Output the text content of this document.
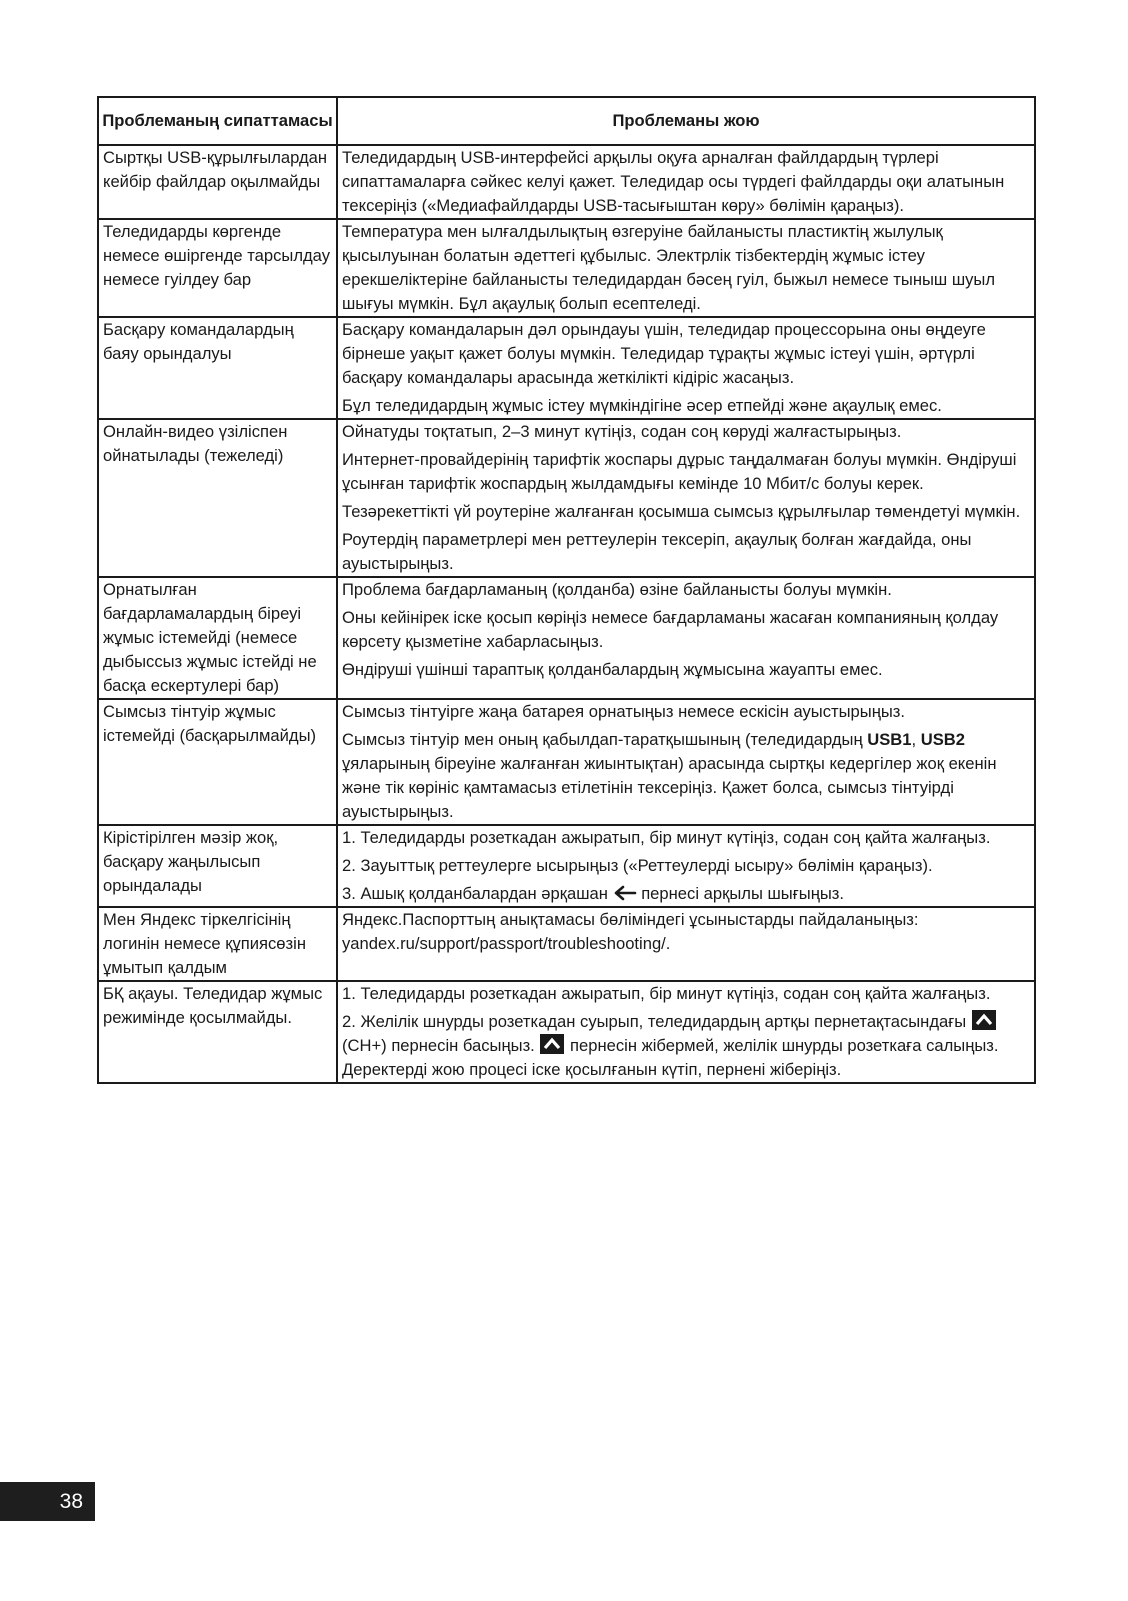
Проблеманың сипаттамасы	Проблеманы жою
Сыртқы USB-құрылғылардан кейбір файлдар оқылмайды	Теледидардың USB-интерфейсі арқылы оқуға арналған файлдардың түрлері сипаттамаларға сәйкес келуі қажет. Теледидар осы түрдегі файлдарды оқи алатынын тексеріңіз («Медиафайлдарды USB-тасығыштан көру» бөлімін қараңыз).

Теледидарды көргенде немесе өшіргенде тарсылдау немесе гуілдеу бар	Температура мен ылғалдылықтың өзгеруіне байланысты пластиктің жылулық қысылуынан болатын әдеттегі құбылыс. Электрлік тізбектердің жұмыс істеу ерекшеліктеріне байланысты теледидардан бәсең гуіл, быжыл немесе тыныш шуыл шығуы мүмкін. Бұл ақаулық болып есептеледі.

Басқару командалардың баяу орындалуы	Басқару командаларын дәл орындауы үшін, теледидар процессорына оны өңдеуге бірнеше уақыт қажет болуы мүмкін. Теледидар тұрақты жұмыс істеуі үшін, әртүрлі басқару командалары арасында жеткілікті кідіріс жасаңыз.

Бұл теледидардың жұмыс істеу мүмкіндігіне әсер етпейді және ақаулық емес.

Онлайн-видео үзіліспен ойнатылады (тежеледі)	Ойнатуды тоқтатып, 2–3 минут күтіңіз, содан соң көруді жалғастырыңыз.

Интернет-провайдерінің тарифтік жоспары дұрыс таңдалмаған болуы мүмкін. Өндіруші ұсынған тарифтік жоспардың жылдамдығы кемінде 10 Мбит/с болуы керек.

Тезәрекеттікті үй роутеріне жалғанған қосымша сымсыз құрылғылар төмендетуі мүмкін.

Роутердің параметрлері мен реттеулерін тексеріп, ақаулық болған жағдайда, оны ауыстырыңыз.

Орнатылған бағдарламалардың біреуі жұмыс істемейді (немесе дыбыссыз жұмыс істейді не басқа ескертулері бар)	Проблема бағдарламаның (қолданба) өзіне байланысты болуы мүмкін.

Оны кейінірек іске қосып көріңіз немесе бағдарламаны жасаған компанияның қолдау көрсету қызметіне хабарласыңыз.

Өндіруші үшінші тараптық қолданбалардың жұмысына жауапты емес.

Сымсыз тінтуір жұмыс істемейді (басқарылмайды)	Сымсыз тінтуірге жаңа батарея орнатыңыз немесе ескісін ауыстырыңыз.

Сымсыз тінтуір мен оның қабылдап-таратқышының (теледидардың USB1, USB2 ұяларының біреуіне жалғанған жиынтықтан) арасында сыртқы кедергілер жоқ екенін және тік көрініс қамтамасыз етілетінін тексеріңіз. Қажет болса, сымсыз тінтуірді ауыстырыңыз.

Кірістірілген мәзір жоқ, басқару жаңылысып орындалады	1. Теледидарды розеткадан ажыратып, бір минут күтіңіз, содан соң қайта жалғаңыз.

2. Зауыттық реттеулерге ысырыңыз («Реттеулерді ысыру» бөлімін қараңыз).

3. Ашық қолданбалардан әрқашан  пернесі арқылы шығыңыз.

Мен Яндекс тіркелгісінің логинін немесе құпиясөзін ұмытып қалдым	Яндекс.Паспорттың анықтамасы бөліміндегі ұсыныстарды пайдаланыңыз: yandex.ru/support/passport/troubleshooting/.

БҚ ақауы. Теледидар жұмыс режимінде қосылмайды.	1. Теледидарды розеткадан ажыратып, бір минут күтіңіз, содан соң қайта жалғаңыз.

2. Желілік шнурды розеткадан суырып, теледидардың артқы пернетақтасындағы
(CH+) пернесін басыңыз.
пернесін жібермей, желілік шнурды розеткаға салыңыз. Деректерді жою процесі іске қосылғанын күтіп, пернені жіберіңіз.

38
